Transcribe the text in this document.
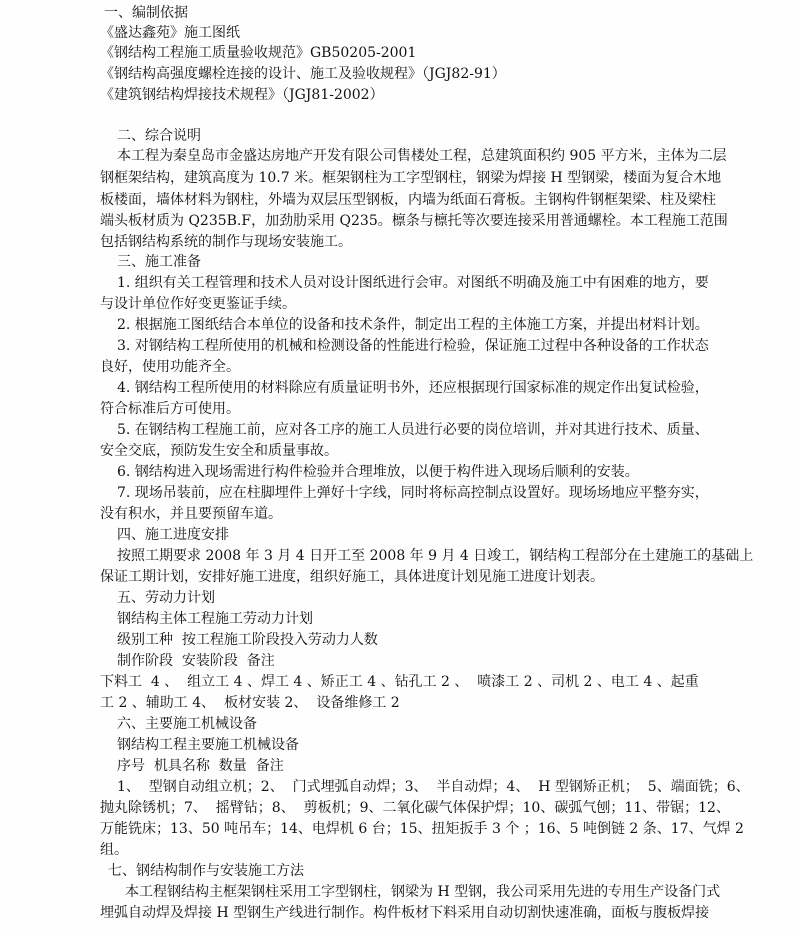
　一、编制依据
《盛达鑫苑》施工图纸
《钢结构工程施工质量验收规范》GB50205-2001
《钢结构高强度螺栓连接的设计、施工及验收规程》（JGJ82-91）
《建筑钢结构焊接技术规程》（JGJ81-2002）
二、综合说明
本工程为秦皇岛市金盛达房地产开发有限公司售楼处工程，总建筑面积约 905 平方米，主体为二层
钢框架结构，建筑高度为 10.7 米。框架钢柱为工字型钢柱，钢梁为焊接 H 型钢梁，楼面为复合木地
板楼面，墙体材料为钢柱，外墙为双层压型钢板，内墙为纸面石膏板。主钢构件钢框架梁、柱及梁柱
端头板材质为 Q235B.F，加劲肋采用 Q235。檩条与檩托等次要连接采用普通螺栓。本工程施工范围
包括钢结构系统的制作与现场安装施工。
三、施工准备
1. 组织有关工程管理和技术人员对设计图纸进行会审。对图纸不明确及施工中有困难的地方，要
与设计单位作好变更鉴证手续。
2. 根据施工图纸结合本单位的设备和技术条件，制定出工程的主体施工方案，并提出材料计划。
3. 对钢结构工程所使用的机械和检测设备的性能进行检验，保证施工过程中各种设备的工作状态
良好，使用功能齐全。
4. 钢结构工程所使用的材料除应有质量证明书外，还应根据现行国家标准的规定作出复试检验，
符合标准后方可使用。
5. 在钢结构工程施工前，应对各工序的施工人员进行必要的岗位培训，并对其进行技术、质量、
安全交底，预防发生安全和质量事故。
6. 钢结构进入现场需进行构件检验并合理堆放，以便于构件进入现场后顺利的安装。
7. 现场吊装前，应在柱脚埋件上弹好十字线，同时将标高控制点设置好。现场场地应平整夯实，
没有积水，并且要预留车道。
四、施工进度安排
按照工期要求 2008 年 3 月 4 日开工至 2008 年 9 月 4 日竣工，钢结构工程部分在土建施工的基础上
保证工期计划，安排好施工进度，组织好施工，具体进度计划见施工进度计划表。
五、劳动力计划
钢结构主体工程施工劳动力计划
级别工种  按工程施工阶段投入劳动力人数
制作阶段  安装阶段  备注
下料工  4 、  组立工 4 、焊工 4 、矫正工 4 、钻孔工 2 、  喷漆工 2 、司机 2 、电工 4 、起重
工 2 、辅助工 4、  板材安装 2、  设备维修工 2
六、主要施工机械设备
钢结构工程主要施工机械设备
序号  机具名称  数量  备注
1、  型钢自动组立机；2、  门式埋弧自动焊；3、  半自动焊；4、  H 型钢矫正机；  5、端面铣；6、
抛丸除锈机；7、  摇臂钻；8、  剪板机；9、二氧化碳气体保护焊；10、碳弧气刨；11、带锯；12、
万能铣床；13、50 吨吊车；14、电焊机 6 台；15、扭矩扳手 3 个 ；16、5 吨倒链 2 条、17、气焊 2
组。
七、钢结构制作与安装施工方法
本工程钢结构主框架钢柱采用工字型钢柱，钢梁为 H 型钢，我公司采用先进的专用生产设备门式
埋弧自动焊及焊接 H 型钢生产线进行制作。构件板材下料采用自动切割快速准确，面板与腹板焊接
